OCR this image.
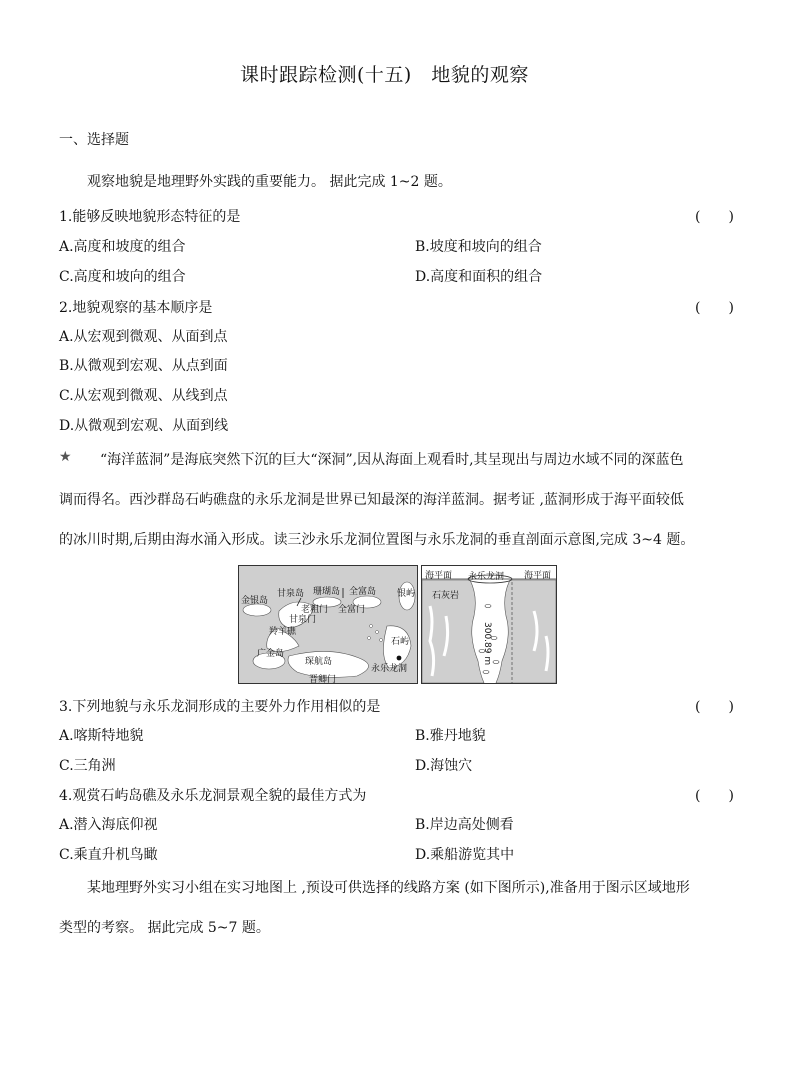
课时跟踪检测(十五)　地貌的观察
一、选择题
观察地貌是地理野外实践的重要能力。 据此完成 1~2 题。
1.能够反映地貌形态特征的是	(　　)
A.高度和坡度的组合	B.坡度和坡向的组合
C.高度和坡向的组合	D.高度和面积的组合
2.地貌观察的基本顺序是	(　　)
A.从宏观到微观、从面到点
B.从微观到宏观、从点到面
C.从宏观到微观、从线到点
D.从微观到宏观、从面到线
★ “海洋蓝洞”是海底突然下沉的巨大“深洞”,因从海面上观看时,其呈现出与周边水域不同的深蓝色
调而得名。西沙群岛石屿礁盘的永乐龙洞是世界已知最深的海洋蓝洞。据考证 ,蓝洞形成于海平面较低
的冰川时期,后期由海水涌入形成。读三沙永乐龙洞位置图与永乐龙洞的垂直剖面示意图,完成 3~4 题。
金银岛
甘泉岛 珊瑚岛 全富岛 银屿
老粗门 全富门
甘泉门
羚羊礁
石屿
广金岛
琛航岛
永乐龙洞
晋卿门
海平面 永乐龙洞 海平面
石灰岩
300.89 m
3.下列地貌与永乐龙洞形成的主要外力作用相似的是	(　　)
A.喀斯特地貌	B.雅丹地貌
C.三角洲	D.海蚀穴
4.观赏石屿岛礁及永乐龙洞景观全貌的最佳方式为	(　　)
A.潜入海底仰视	B.岸边高处侧看
C.乘直升机鸟瞰	D.乘船游览其中
某地理野外实习小组在实习地图上 ,预设可供选择的线路方案 (如下图所示),准备用于图示区域地形
类型的考察。 据此完成 5~7 题。
